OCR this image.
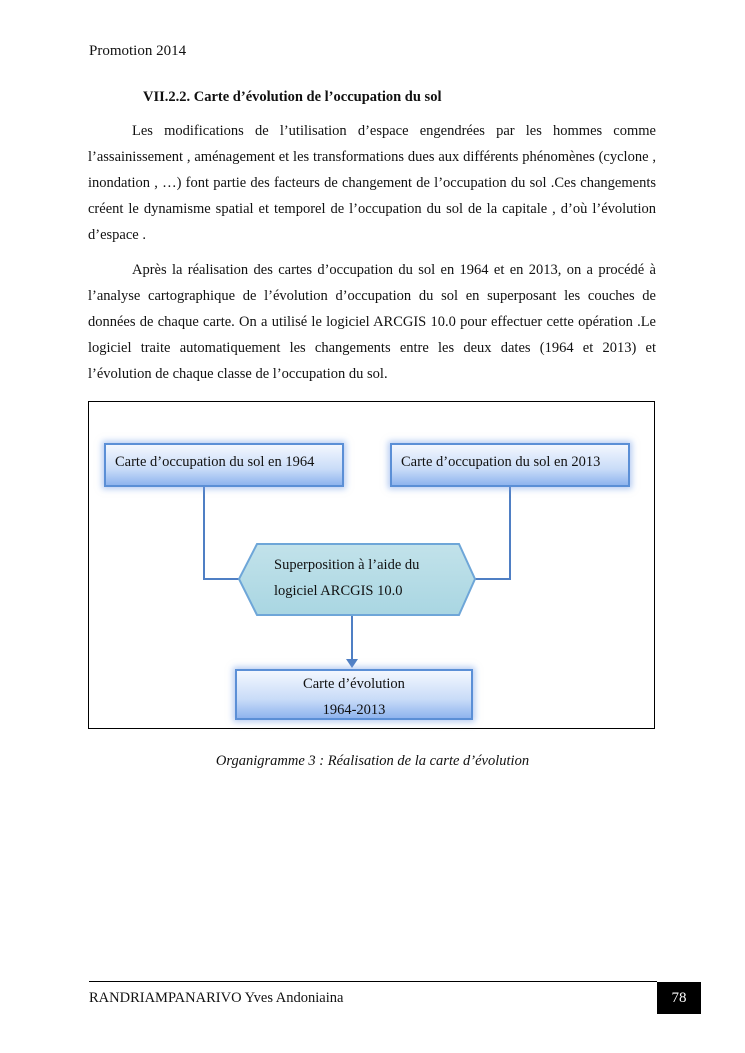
Promotion 2014
VII.2.2. Carte d’évolution de l’occupation du sol

Les modifications de l’utilisation d’espace engendrées par les hommes comme l’assainissement , aménagement et les transformations dues aux différents phénomènes (cyclone , inondation , …) font partie des facteurs de changement de l’occupation du sol .Ces changements créent le dynamisme spatial et temporel de l’occupation du sol de la capitale , d’où l’évolution d’espace .

Après la réalisation des cartes d’occupation du sol en 1964 et en 2013, on a procédé à l’analyse cartographique de l’évolution d’occupation du sol en superposant les couches de données de chaque carte. On a utilisé le logiciel ARCGIS 10.0 pour effectuer cette opération .Le logiciel traite automatiquement les changements entre les deux dates (1964 et 2013) et l’évolution de chaque classe de l’occupation du sol.

Carte d’occupation du sol en 1964	Carte d’occupation du sol en 2013
Superposition à l’aide du
logiciel ARCGIS 10.0
Carte d’évolution
1964-2013
Organigramme 3 : Réalisation de la carte d’évolution
RANDRIAMPANARIVO Yves Andoniaina	78
